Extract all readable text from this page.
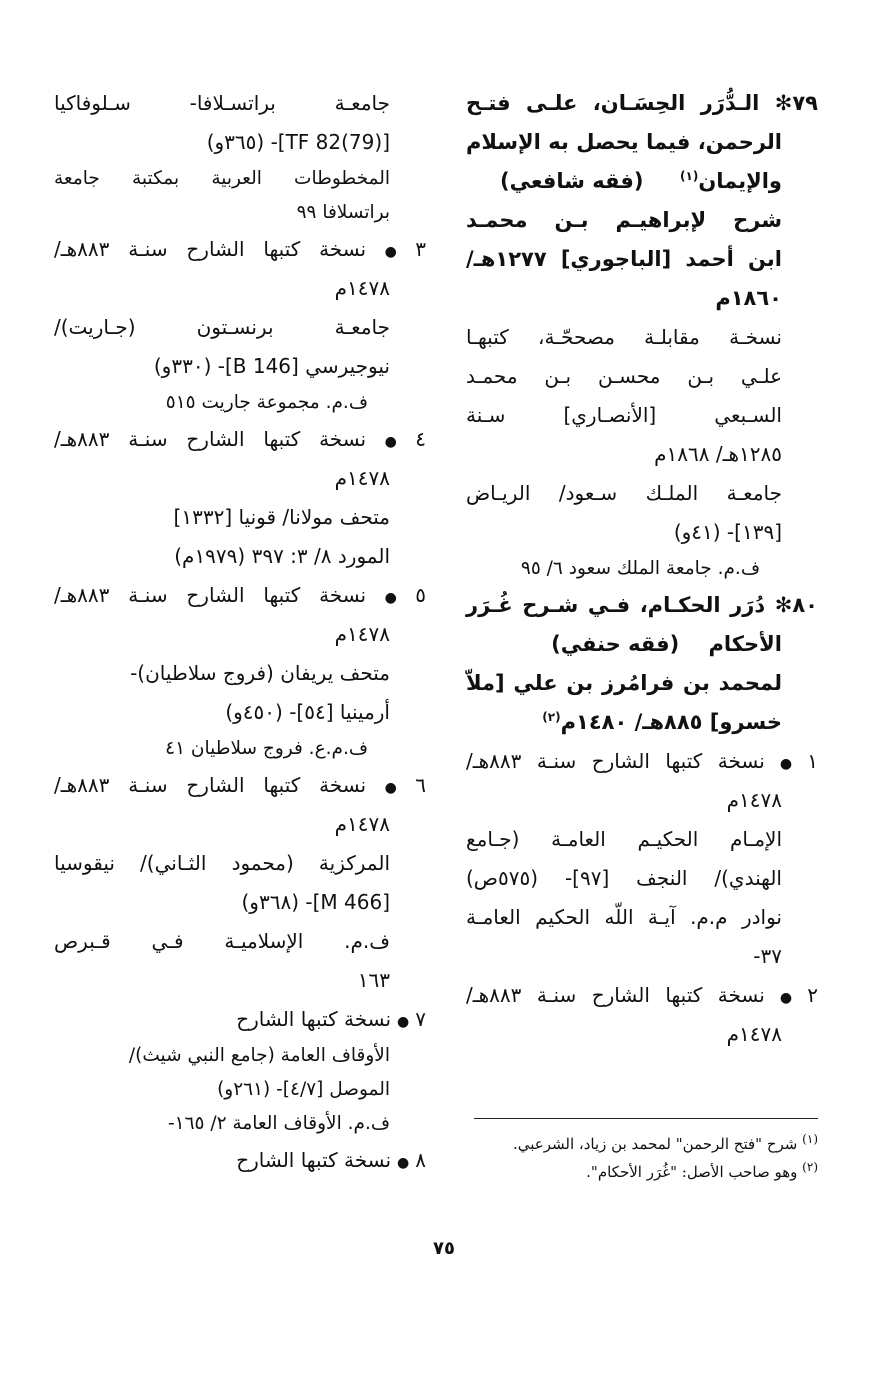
٧٩✻ الـدُّرَر الحِسَـان، علـى فتـح
الرحمن، فيما يحصل به الإسلام
والإيمان$^{(١)}$     (فقه شافعي)
شرح لإبراهيـم بـن محمـد
ابن أحمد [الباجوري] ١٢٧٧هـ/
١٨٦٠م
نسخـة مقابلـة مصححّـة، كتبهـا
علـي بـن محسـن بـن محمـد
السـبعي [الأنصـاري] سـنة
١٢٨٥هـ/ ١٨٦٨م
جامعـة الملـك سـعود/ الريـاض
[١٣٩]- (٤١و)
ف.م. جامعة الملك سعود ٦/ ٩٥
٨٠✻ دُرَر الحكـام، فـي شـرح غُـرَر
الأحكام    (فقه حنفي)
لمحمد بن فرامُرز بن علي [ملاّ
خسرو] ٨٨٥هـ/ ١٤٨٠م$^{(٢)}$
١●نسخة كتبها الشارح سنـة ٨٨٣هـ/
١٤٧٨م
الإمـام الحكيـم العامـة (جـامع
الهندي)/ النجف [٩٧]- (٥٧٥ص)
نوادر م.م. آيـة اللّه الحكيم العامـة
٣٧-
٢●نسخة كتبها الشارح سنـة ٨٨٣هـ/
١٤٧٨م
جامعـة براتسـلافا- سـلوفاكيا
[TF 82(79)]- (٣٦٥و)
المخطوطات العربية بمكتبة جامعة
براتسلافا ٩٩
٣●نسخة كتبها الشارح سنـة ٨٨٣هـ/
١٤٧٨م
جامعـة برنسـتون (جـاريت)/
نيوجيرسي [B 146]- (٣٣٠و)
ف.م. مجموعة جاريت ٥١٥
٤●نسخة كتبها الشارح سنـة ٨٨٣هـ/
١٤٧٨م
متحف مولانا/ قونيا [١٣٣٢]
المورد ٨/ ٣: ٣٩٧ (١٩٧٩م)
٥●نسخة كتبها الشارح سنـة ٨٨٣هـ/
١٤٧٨م
متحف يريفان (فروج سلاطيان)-
أرمينيا [٥٤]- (٤٥٠و)
ف.م.ع. فروج سلاطيان ٤١
٦●نسخة كتبها الشارح سنـة ٨٨٣هـ/
١٤٧٨م
المركزية (محمود الثـاني)/ نيقوسيا
[M 466]- (٣٦٨و)
ف.م. الإسلاميـة فـي قـبرص
١٦٣
٧●نسخة كتبها الشارح
الأوقاف العامة (جامع النبي شيث)/
الموصل [٤/٧]- (٢٦١و)
ف.م. الأوقاف العامة ٢/ ١٦٥-
٨●نسخة كتبها الشارح
$^{(١)}$ شرح "فتح الرحمن" لمحمد بن زياد، الشرعبي.
$^{(٢)}$ وهو صاحب الأصل: "غُرَر الأحكام".
٧٥
